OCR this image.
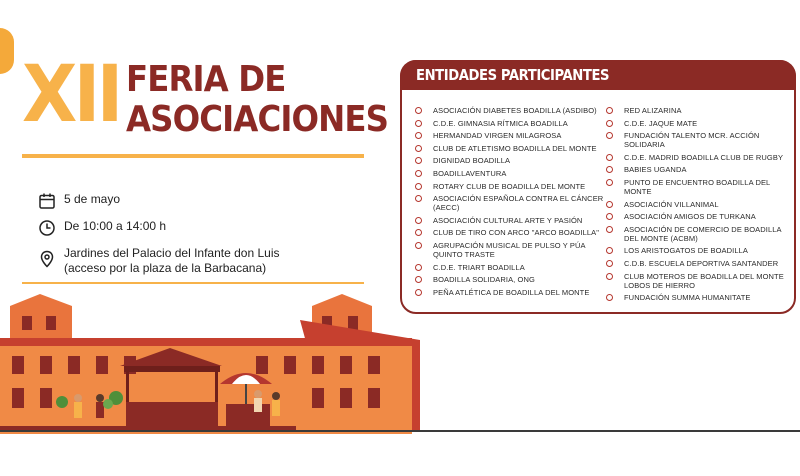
XII FERIA DE
ASOCIACIONES
5 de mayo
De 10:00 a 14:00 h
Jardines del Palacio del Infante don Luis
(acceso por la plaza de la Barbacana)
ENTIDADES PARTICIPANTES
ASOCIACIÓN DIABETES BOADILLA (ASDIBO)
C.D.E. GIMNASIA RÍTMICA BOADILLA
HERMANDAD VIRGEN MILAGROSA
CLUB DE ATLETISMO BOADILLA DEL MONTE
DIGNIDAD BOADILLA
BOADILLAVENTURA
ROTARY CLUB DE BOADILLA DEL MONTE
ASOCIACIÓN ESPAÑOLA CONTRA EL CÁNCER (AECC)
ASOCIACIÓN CULTURAL ARTE Y PASIÓN
CLUB DE TIRO CON ARCO "ARCO BOADILLA"
AGRUPACIÓN MUSICAL DE PULSO Y PÚA QUINTO TRASTE
C.D.E. TRIART BOADILLA
BOADILLA SOLIDARIA, ONG
PEÑA ATLÉTICA DE BOADILLA DEL MONTE
RED ALIZARINA
C.D.E. JAQUE MATE
FUNDACIÓN TALENTO MCR. ACCIÓN SOLIDARIA
C.D.E. MADRID BOADILLA CLUB DE RUGBY
BABIES UGANDA
PUNTO DE ENCUENTRO BOADILLA DEL MONTE
ASOCIACIÓN VILLANIMAL
ASOCIACIÓN AMIGOS DE TURKANA
ASOCIACIÓN DE COMERCIO DE BOADILLA DEL MONTE (ACBM)
LOS ARISTOGATOS DE BOADILLA
C.D.B. ESCUELA DEPORTIVA SANTANDER
CLUB MOTEROS DE BOADILLA DEL MONTE LOBOS DE HIERRO
FUNDACIÓN SUMMA HUMANITATE
